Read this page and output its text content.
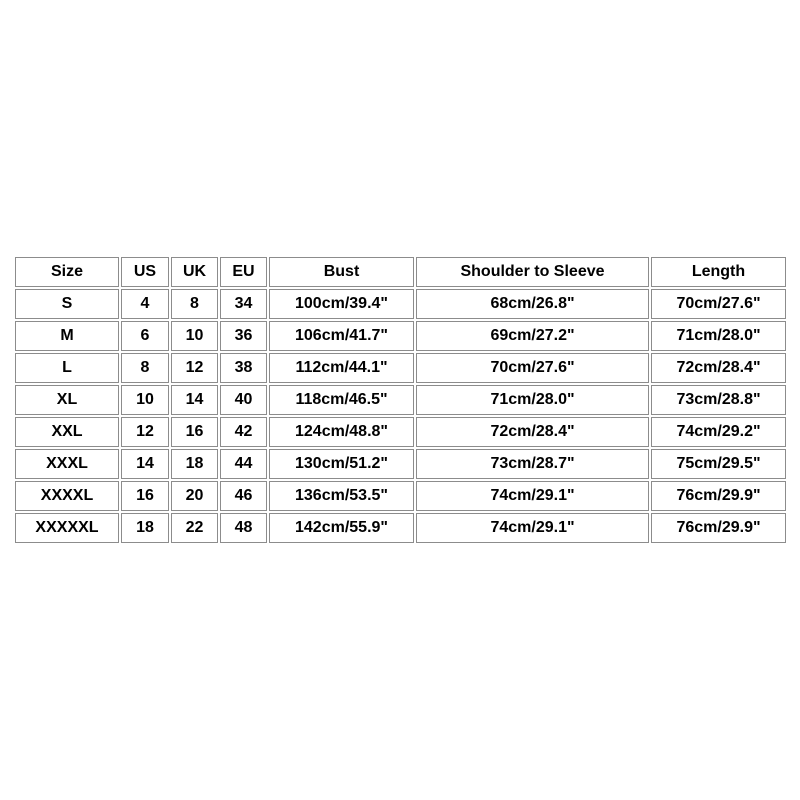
Size	US	UK	EU	Bust	Shoulder to Sleeve	Length
S	4	8	34	100cm/39.4"	68cm/26.8"	70cm/27.6"
M	6	10	36	106cm/41.7"	69cm/27.2"	71cm/28.0"
L	8	12	38	112cm/44.1"	70cm/27.6"	72cm/28.4"
XL	10	14	40	118cm/46.5"	71cm/28.0"	73cm/28.8"
XXL	12	16	42	124cm/48.8"	72cm/28.4"	74cm/29.2"
XXXL	14	18	44	130cm/51.2"	73cm/28.7"	75cm/29.5"
XXXXL	16	20	46	136cm/53.5"	74cm/29.1"	76cm/29.9"
XXXXXL	18	22	48	142cm/55.9"	74cm/29.1"	76cm/29.9"
